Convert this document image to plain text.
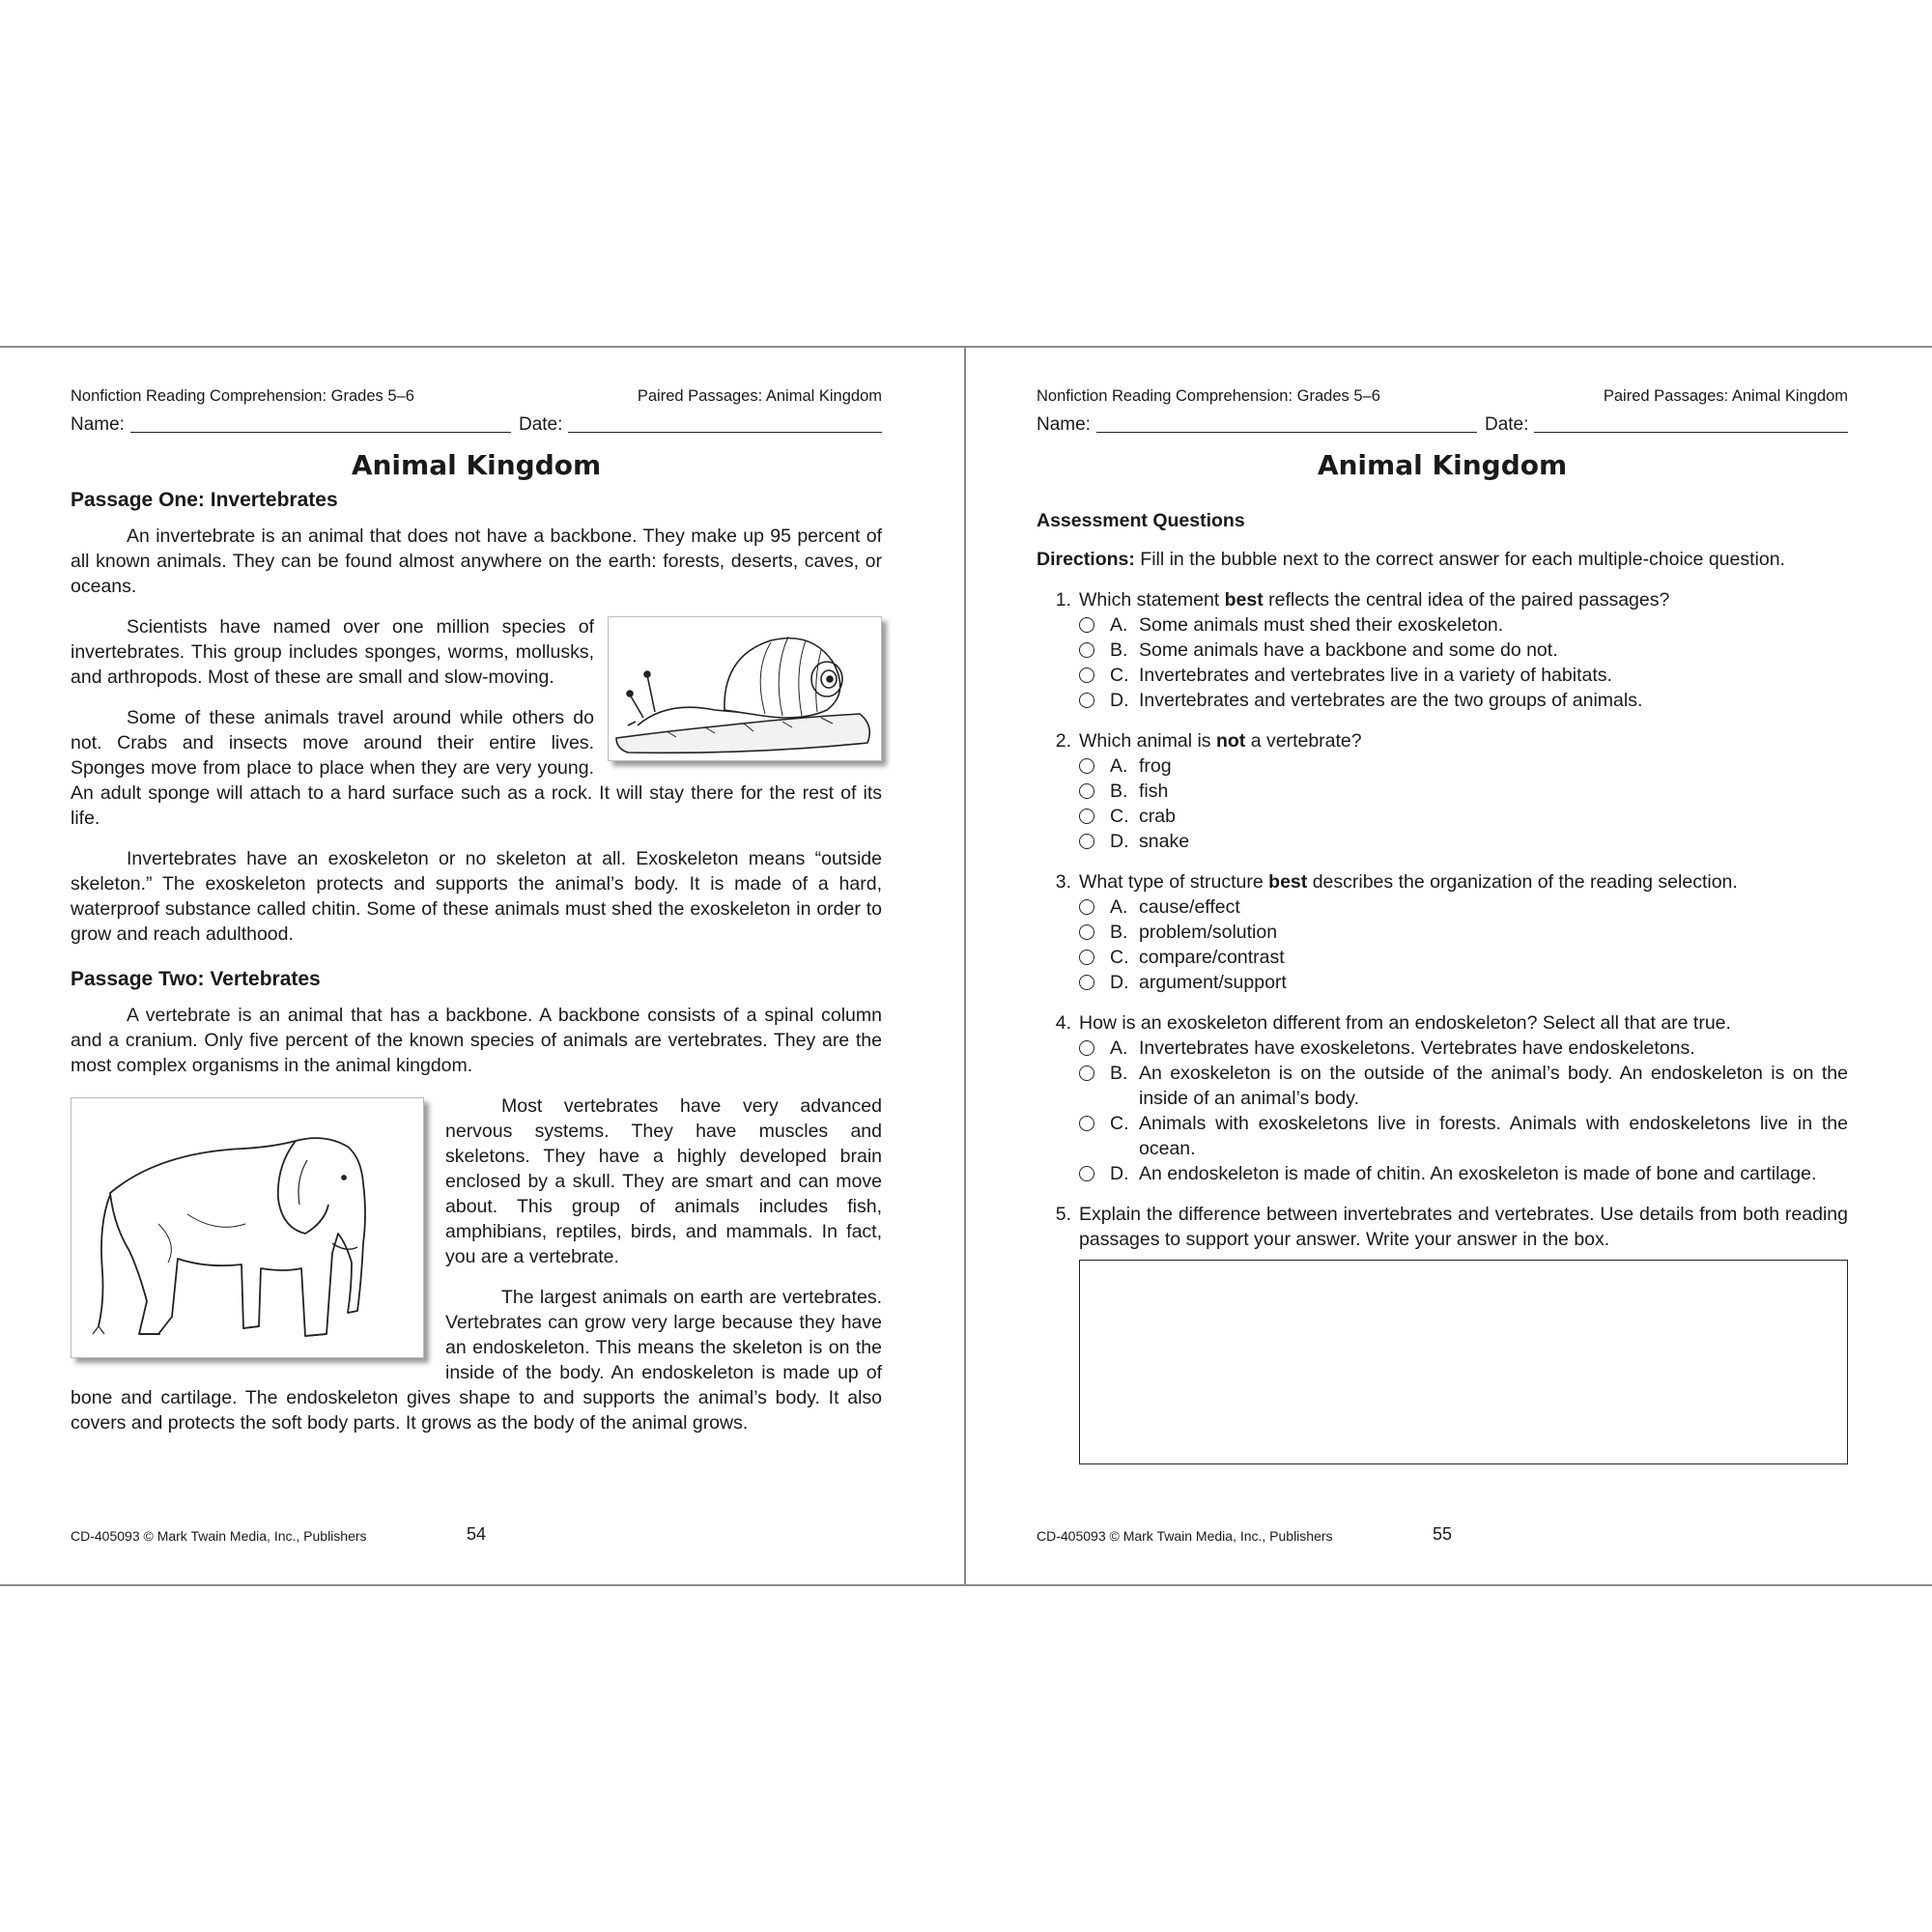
Nonfiction Reading Comprehension: Grades 5–6	Paired Passages: Animal Kingdom
Name:	Date:
Animal Kingdom
Passage One: Invertebrates

An invertebrate is an animal that does not have a backbone. They make up 95 percent of all known animals. They can be found almost anywhere on the earth: forests, deserts, caves, or oceans.

Scientists have named over one million species of invertebrates. This group includes sponges, worms, mollusks, and arthropods. Most of these are small and slow-moving.

Some of these animals travel around while others do not. Crabs and insects move around their entire lives. Sponges move from place to place when they are very young. An adult sponge will attach to a hard surface such as a rock. It will stay there for the rest of its life.

Invertebrates have an exoskeleton or no skeleton at all. Exoskeleton means “outside skeleton.” The exoskeleton protects and supports the animal’s body. It is made of a hard, waterproof substance called chitin. Some of these animals must shed the exoskeleton in order to grow and reach adulthood.

Passage Two: Vertebrates

A vertebrate is an animal that has a backbone. A backbone consists of a spinal column and a cranium. Only five percent of the known species of animals are vertebrates. They are the most complex organisms in the animal kingdom.

Most vertebrates have very advanced nervous systems. They have muscles and skeletons. They have a highly developed brain enclosed by a skull. They are smart and can move about. This group of animals includes fish, amphibians, reptiles, birds, and mammals. In fact, you are a vertebrate.

The largest animals on earth are vertebrates. Vertebrates can grow very large because they have an endoskeleton. This means the skeleton is on the inside of the body. An endoskeleton is made up of bone and cartilage. The endoskeleton gives shape to and supports the animal’s body. It also covers and protects the soft body parts. It grows as the body of the animal grows.

CD-405093 © Mark Twain Media, Inc., Publishers	54
Nonfiction Reading Comprehension: Grades 5–6	Paired Passages: Animal Kingdom
Name:	Date:
Animal Kingdom
Assessment Questions
Directions: Fill in the bubble next to the correct answer for each multiple-choice question.
1. Which statement best reflects the central idea of the paired passages?
A. Some animals must shed their exoskeleton.
B. Some animals have a backbone and some do not.
C. Invertebrates and vertebrates live in a variety of habitats.
D. Invertebrates and vertebrates are the two groups of animals.
2. Which animal is not a vertebrate?
A. frog
B. fish
C. crab
D. snake
3. What type of structure best describes the organization of the reading selection.
A. cause/effect
B. problem/solution
C. compare/contrast
D. argument/support
4. How is an exoskeleton different from an endoskeleton? Select all that are true.
A. Invertebrates have exoskeletons. Vertebrates have endoskeletons.
B. An exoskeleton is on the outside of the animal’s body. An endoskeleton is on the inside of an animal’s body.
C. Animals with exoskeletons live in forests. Animals with endoskeletons live in the ocean.
D. An endoskeleton is made of chitin. An exoskeleton is made of bone and cartilage.
5. Explain the difference between invertebrates and vertebrates. Use details from both reading passages to support your answer. Write your answer in the box.
CD-405093 © Mark Twain Media, Inc., Publishers	55
